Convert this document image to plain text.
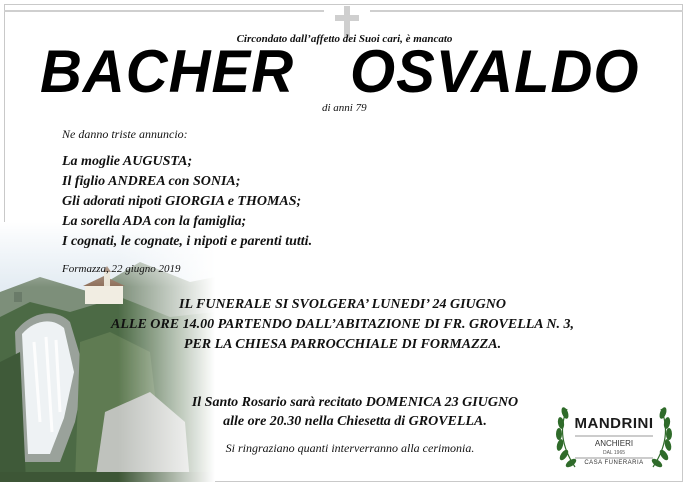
Circondato dall’affetto dei Suoi cari, è mancato
BACHER OSVALDO
di anni 79
Ne danno triste annuncio:
La moglie AUGUSTA;
Il figlio ANDREA con SONIA;
Gli adorati nipoti GIORGIA e THOMAS;
La sorella ADA con la famiglia;
I cognati, le cognate, i nipoti e parenti tutti.
Formazza, 22 giugno 2019
IL FUNERALE SI SVOLGERA’ LUNEDI’ 24 GIUGNO
ALLE ORE 14.00 PARTENDO DALL’ABITAZIONE DI FR. GROVELLA N. 3,
PER LA CHIESA PARROCCHIALE DI FORMAZZA.
Il Santo Rosario sarà recitato DOMENICA 23 GIUGNO
alle ore 20.30 nella Chiesetta di GROVELLA.
Si ringraziano quanti interverranno alla cerimonia.
MANDRINI
ANCHIERI
DAL 1965
CASA FUNERARIA
